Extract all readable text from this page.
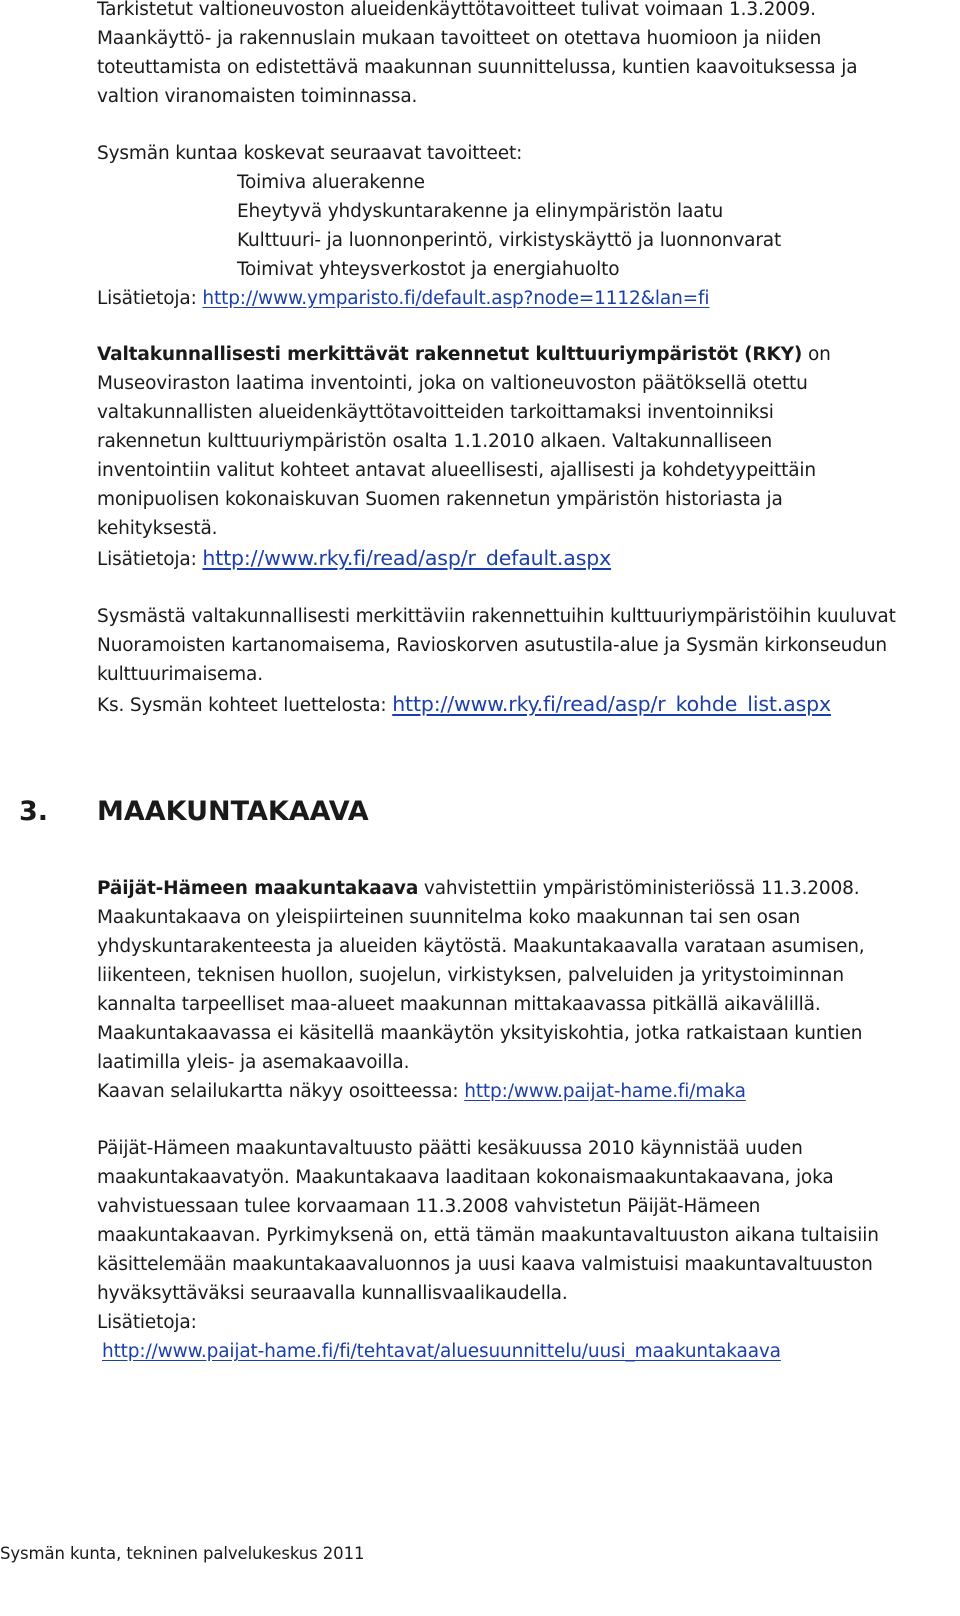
Tarkistetut valtioneuvoston alueidenkäyttötavoitteet tulivat voimaan 1.3.2009.
Maankäyttö- ja rakennuslain mukaan tavoitteet on otettava huomioon ja niiden
toteuttamista on edistettävä maakunnan suunnittelussa, kuntien kaavoituksessa ja
valtion viranomaisten toiminnassa.
Sysmän kuntaa koskevat seuraavat tavoitteet:
Toimiva aluerakenne
Eheytyvä yhdyskuntarakenne ja elinympäristön laatu
Kulttuuri- ja luonnonperintö, virkistyskäyttö ja luonnonvarat
Toimivat yhteysverkostot ja energiahuolto
Lisätietoja: http://www.ymparisto.fi/default.asp?node=1112&lan=fi
Valtakunnallisesti merkittävät rakennetut kulttuuriympäristöt (RKY) on
Museoviraston laatima inventointi, joka on valtioneuvoston päätöksellä otettu
valtakunnallisten alueidenkäyttötavoitteiden tarkoittamaksi inventoinniksi
rakennetun kulttuuriympäristön osalta 1.1.2010 alkaen. Valtakunnalliseen
inventointiin valitut kohteet antavat alueellisesti, ajallisesti ja kohdetyypeittäin
monipuolisen kokonaiskuvan Suomen rakennetun ympäristön historiasta ja
kehityksestä.
Lisätietoja: http://www.rky.fi/read/asp/r_default.aspx
Sysmästä valtakunnallisesti merkittäviin rakennettuihin kulttuuriympäristöihin kuuluvat
Nuoramoisten kartanomaisema, Ravioskorven asutustila-alue ja Sysmän kirkonseudun
kulttuurimaisema.
Ks. Sysmän kohteet luettelosta: http://www.rky.fi/read/asp/r_kohde_list.aspx
3. MAAKUNTAKAAVA
Päijät-Hämeen maakuntakaava vahvistettiin ympäristöministeriössä 11.3.2008.
Maakuntakaava on yleispiirteinen suunnitelma koko maakunnan tai sen osan
yhdyskuntarakenteesta ja alueiden käytöstä. Maakuntakaavalla varataan asumisen,
liikenteen, teknisen huollon, suojelun, virkistyksen, palveluiden ja yritystoiminnan
kannalta tarpeelliset maa-alueet maakunnan mittakaavassa pitkällä aikavälillä.
Maakuntakaavassa ei käsitellä maankäytön yksityiskohtia, jotka ratkaistaan kuntien
laatimilla yleis- ja asemakaavoilla.
Kaavan selailukartta näkyy osoitteessa: http:/www.paijat-hame.fi/maka
Päijät-Hämeen maakuntavaltuusto päätti kesäkuussa 2010 käynnistää uuden
maakuntakaavatyön. Maakuntakaava laaditaan kokonaismaakuntakaavana, joka
vahvistuessaan tulee korvaamaan 11.3.2008 vahvistetun Päijät-Hämeen
maakuntakaavan. Pyrkimyksenä on, että tämän maakuntavaltuuston aikana tultaisiin
käsittelemään maakuntakaavaluonnos ja uusi kaava valmistuisi maakuntavaltuuston
hyväksyttäväksi seuraavalla kunnallisvaalikaudella.
Lisätietoja:
http://www.paijat-hame.fi/fi/tehtavat/aluesuunnittelu/uusi_maakuntakaava
Sysmän kunta, tekninen palvelukeskus 2011
